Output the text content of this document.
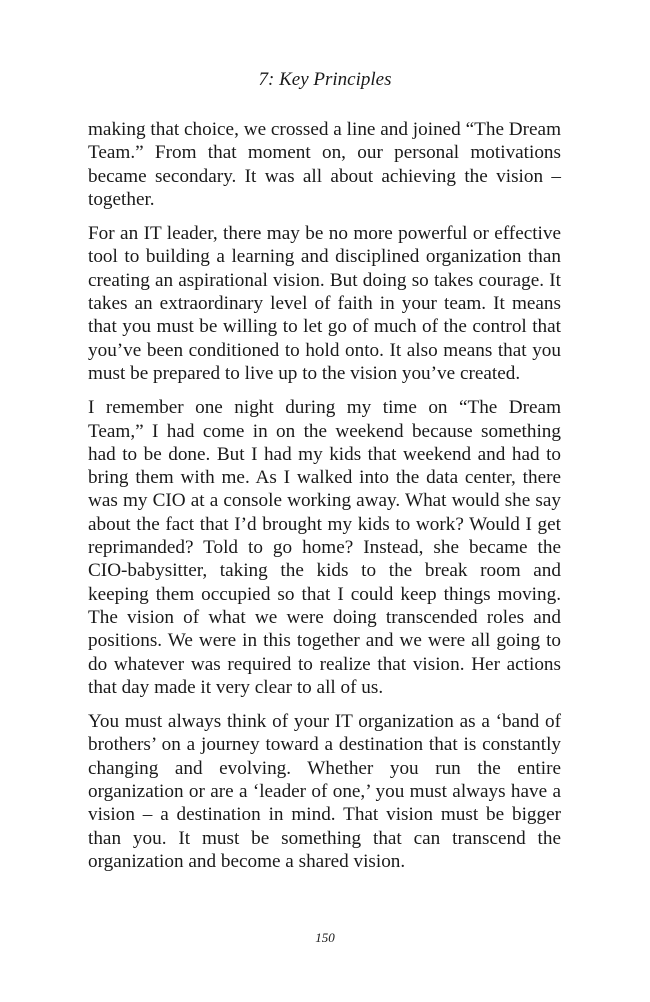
7: Key Principles

making that choice, we crossed a line and joined “The Dream Team.” From that moment on, our personal motivations became secondary. It was all about achieving the vision – together.

For an IT leader, there may be no more powerful or effective tool to building a learning and disciplined organization than creating an aspirational vision. But doing so takes courage. It takes an extraordinary level of faith in your team. It means that you must be willing to let go of much of the control that you’ve been conditioned to hold onto. It also means that you must be prepared to live up to the vision you’ve created.

I remember one night during my time on “The Dream Team,” I had come in on the weekend because something had to be done. But I had my kids that weekend and had to bring them with me. As I walked into the data center, there was my CIO at a console working away. What would she say about the fact that I’d brought my kids to work? Would I get reprimanded? Told to go home? Instead, she became the CIO-babysitter, taking the kids to the break room and keeping them occupied so that I could keep things moving. The vision of what we were doing transcended roles and positions. We were in this together and we were all going to do whatever was required to realize that vision. Her actions that day made it very clear to all of us.

You must always think of your IT organization as a ‘band of brothers’ on a journey toward a destination that is constantly changing and evolving. Whether you run the entire organization or are a ‘leader of one,’ you must always have a vision – a destination in mind. That vision must be bigger than you. It must be something that can transcend the organization and become a shared vision.

150
